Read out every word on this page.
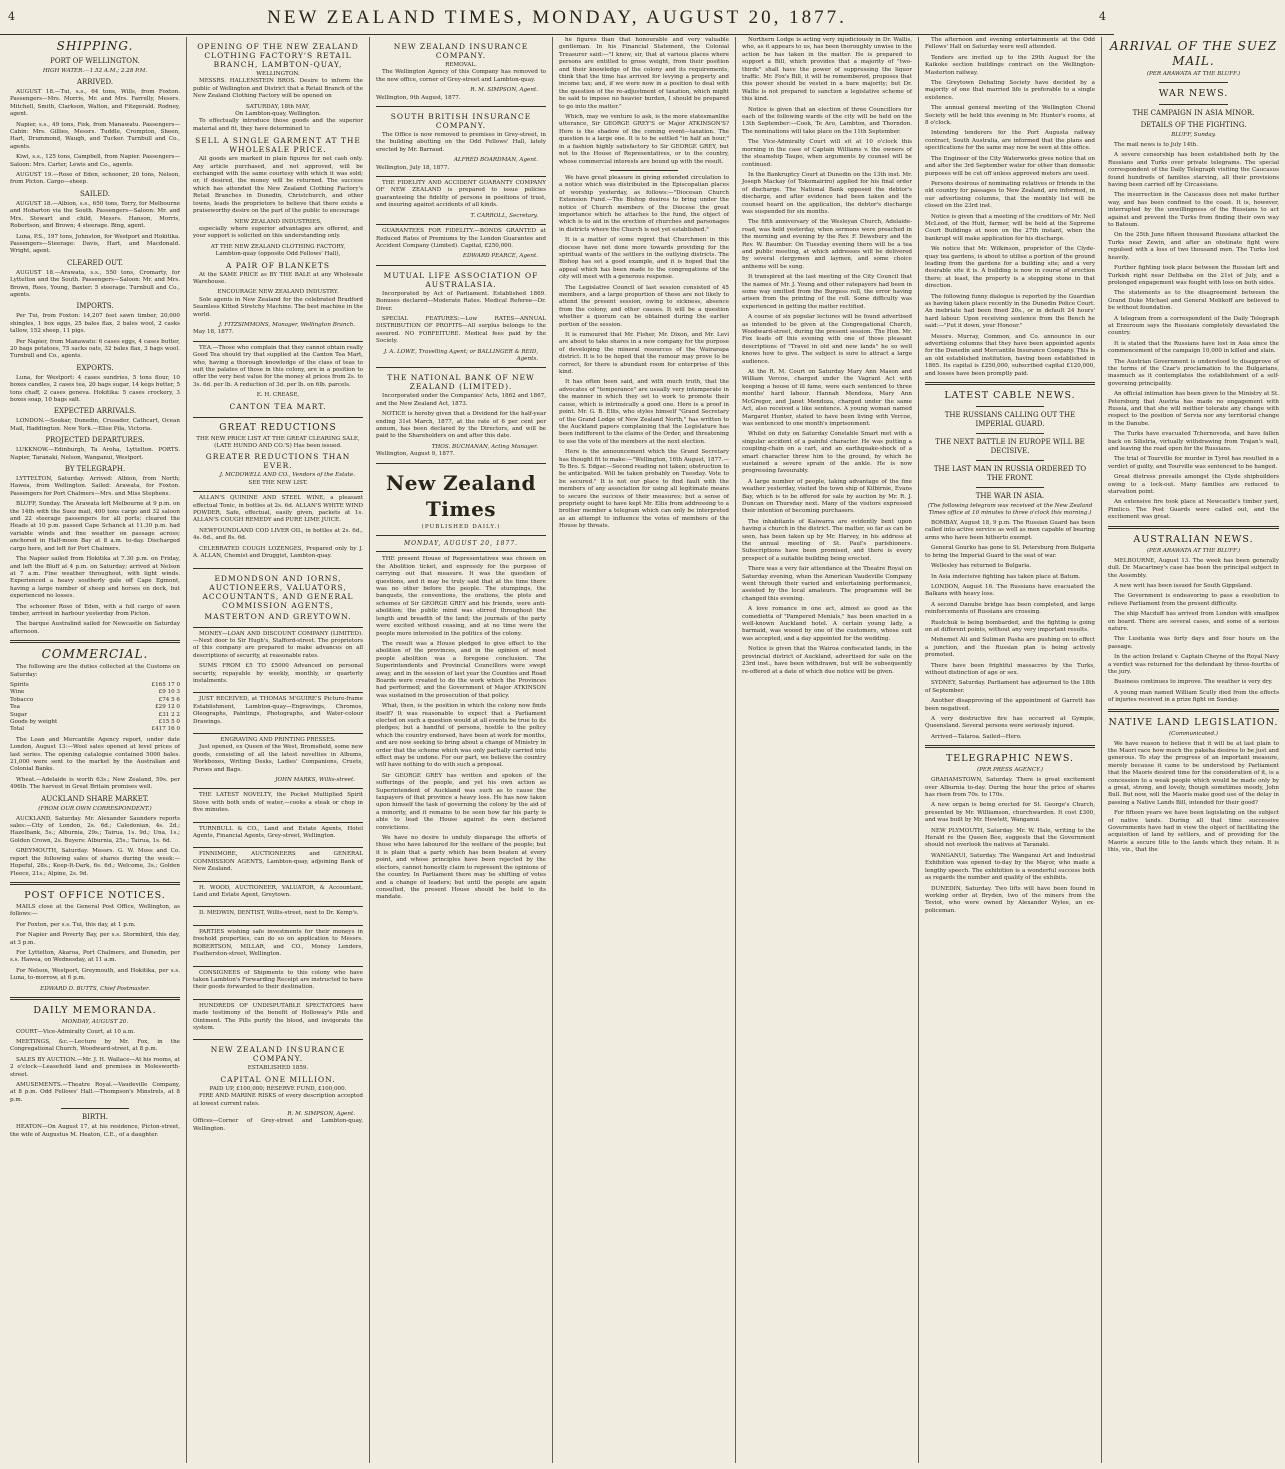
4	NEW ZEALAND TIMES, MONDAY, AUGUST 20, 1877.	4
SHIPPING.
PORT OF WELLINGTON.
HIGH WATER.—1.52 A.M.; 2.28 P.M.
ARRIVED.

AUGUST 18.—Tui, s.s., 64 tons, Wills, from Foxton. Passengers—Mrs. Morris, Mr. and Mrs. Farrelly, Messrs. Mitchell, Smith, Clarkson, Walton, and Fitzgerald. Rodney, agent.

Napier, s.s., 49 tons, Fisk, from Manawatu. Passengers—Cabin: Mrs. Gillies, Messrs. Tuddle, Crompton, Sheen, Hart, Drummond, Waugh, and Tucker. Turnbull and Co., agents.

Kiwi, s.s., 125 tons, Campbell, from Napier. Passengers—Saloon: Mrs. Carter, Lewis and Co., agents.

AUGUST 19.—Rose of Eden, schooner, 20 tons, Nelson, from Picton. Cargo—sheep.

SAILED.

AUGUST 18.—Albion, s.s., 650 tons, Torry, for Melbourne and Hobarton via the South. Passengers—Saloon: Mr. and Mrs. Stewart and child, Messrs. Hanson, Morris, Robertson, and Brown; 4 steerage. Bing, agent.

Luna, P.S., 197 tons, Johnston, for Westport and Hokitika. Passengers—Steerage: Davis, Hart, and Macdonald. Wright, agent.

CLEARED OUT.

AUGUST 18.—Arawata, s.s., 550 tons, Cromarty, for Lyttelton and the South. Passengers—Saloon: Mr. and Mrs. Brown, Rees, Young, Baxter; 5 steerage. Turnbull and Co., agents.

IMPORTS.

Per Tui, from Foxton: 14,207 feet sawn timber, 20,000 shingles, 1 box eggs, 25 bales flax, 2 bales wool, 2 casks tallow, 152 sheep, 11 pigs.

Per Napier, from Manawatu: 6 cases eggs, 4 cases butter, 20 bags potatoes, 75 sacks oats, 32 bales flax, 3 bags wool. Turnbull and Co., agents.

EXPORTS.

Luna, for Westport: 4 cases sundries, 5 tons flour, 10 boxes candles, 2 cases tea, 20 bags sugar, 14 kegs butter, 5 tons chaff, 2 cases geneva. Hokitika: 5 cases crockery, 3 boxes soap, 10 bags salt.

EXPECTED ARRIVALS.

LONDON.—Soukar, Dunedin, Crusader, Cathcart, Ocean Mail, Haddington. New York.—Elise Pila, Victoria.

PROJECTED DEPARTURES.

LUKKNOW.—Edinburgh, Ta Aroha, Lyttelton. PORTS. Napier, Taranaki, Nelson, Wanganui, Westport.

BY TELEGRAPH.

LYTTELTON, Saturday. Arrived: Albion, from North; Hawea, from Wellington. Sailed: Arawata, for Foxton. Passengers for Port Chalmers—Mrs. and Miss Stephens.

BLUFF, Sunday. The Arawata left Melbourne at 9 p.m. on the 14th with the Suez mail, 400 tons cargo and 32 saloon and 22 steerage passengers for all ports; cleared the Heads at 10 p.m. passed Cape Schanck at 11.30 p.m. had variable winds and fine weather on passage across; anchored in Half-moon Bay at 8 a.m. to-day. Discharged cargo here, and left for Port Chalmers.

The Napier sailed from Hokitika at 7.30 p.m. on Friday, and left the Bluff at 4 p.m. on Saturday; arrived at Nelson at 7 a.m. Fine weather throughout, with light winds. Experienced a heavy southerly gale off Cape Egmont, having a large number of sheep and horses on deck, but experienced no losses.

The schooner Rose of Eden, with a full cargo of sawn timber, arrived in harbour yesterday from Picton.

The barque Australind sailed for Newcastle on Saturday afternoon.

COMMERCIAL.

The following are the duties collected at the Customs on Saturday:

Spirits	£165 17 0
Wine	£9 10 3
Tobacco	£74 5 6
Tea	£29 12 0
Sugar	£31 2 2
Goods by weight	£15 5 0
Total	£417 16 0

The Loan and Mercantile Agency report, under date London, August 13:—Wool sales opened at level prices of last series. The opening catalogue contained 5000 bales. 21,000 were sent to the market by the Australian and Colonial Banks.

Wheat.—Adelaide is worth 63s.; New Zealand, 59s. per 496lb. The harvest in Great Britain promises well.

AUCKLAND SHARE MARKET.
(FROM OUR OWN CORRESPONDENT.)

AUCKLAND, Saturday. Mr. Alexander Saunders reports sales:—City of London, 2s. 6d.; Caledonian, 4s. 2d.; Hazelbank, 5s.; Alburnia, 29s.; Tairua, 1s. 9d.; Una, 1s.; Golden Crown, 2s. Buyers: Alburnia, 25s.; Tairua, 1s. 6d.

GREYMOUTH, Saturday. Messrs. G. W. Moss and Co. report the following sales of shares during the week:—Hopeful, 28s.; Keep-It-Dark, 6s. 6d.; Welcome, 3s.; Golden Fleece, 21s.; Alpine, 2s. 9d.

POST OFFICE NOTICES.

MAILS close at the General Post Office, Wellington, as follows:—

For Foxton, per s.s. Tui, this day, at 1 p.m.

For Napier and Poverty Bay, per s.s. Stormbird, this day, at 3 p.m.

For Lyttelton, Akaroa, Port Chalmers, and Dunedin, per s.s. Hawea, on Wednesday, at 11 a.m.

For Nelson, Westport, Greymouth, and Hokitika, per s.s. Luna, to-morrow, at 6 p.m.

EDWARD D. BUTTS, Chief Postmaster.
DAILY MEMORANDA.
MONDAY, AUGUST 20.

COURT—Vice-Admiralty Court, at 10 a.m.

MEETINGS, &c.—Lecture by Mr. Fox, in the Congregational Church, Woodward-street, at 8 p.m.

SALES BY AUCTION.—Mr. J. H. Wallace—At his rooms, at 2 o'clock—Leasehold land and premises in Molesworth-street.

AMUSEMENTS.—Theatre Royal.—Vaudeville Company, at 8 p.m. Odd Fellows' Hall.—Thompson's Minstrels, at 8 p.m.

BIRTH.

HEATON—On August 17, at his residence, Picton-street, the wife of Augustus M. Heaton, C.E., of a daughter.

OPENING OF THE NEW ZEALAND CLOTHING FACTORY'S RETAIL BRANCH, LAMBTON-QUAY,
WELLINGTON.

MESSRS. HALLENSTEIN BROS. Desire to inform the public of Wellington and District that a Retail Branch of the New Zealand Clothing Factory will be opened on

SATURDAY, 18th MAY,
On Lambton-quay, Wellington.

To effectually introduce those goods and the superior material and fit, they have determined to

SELL A SINGLE GARMENT AT THE WHOLESALE PRICE.

All goods are marked in plain figures for net cash only. Any article purchased, and not approved, will be exchanged with the same courtesy with which it was sold; or, if desired, the money will be returned. The success which has attended the New Zealand Clothing Factory's Retail Branches in Dunedin, Christchurch, and other towns, leads the proprietors to believe that there exists a praiseworthy desire on the part of the public to encourage

NEW ZEALAND INDUSTRIES,

especially where superior advantages are offered, and your support is solicited on this understanding only.

AT THE NEW ZEALAND CLOTHING FACTORY,
Lambton-quay (opposite Odd Fellows' Hall),
A PAIR OF BLANKETS

At the SAME PRICE as BY THE BALE at any Wholesale Warehouse.

ENCOURAGE NEW ZEALAND INDUSTRY.

Sole agents in New Zealand for the celebrated Bradford Seamless Kitted Stretchy Machine. The best machine in the world.

J. FITZSIMMONS, Manager, Wellington Branch.
May 18, 1877.

TEA.—Those who complain that they cannot obtain really Good Tea should try that supplied at the Canton Tea Mart, who, having a thorough knowledge of the class of teas to suit the palates of those in this colony, are in a position to offer the very best value for the money at prices from 2s. to 3s. 6d. per lb. A reduction of 3d. per lb. on 6lb. parcels.

E. H. CREASE,
CANTON TEA MART.
GREAT REDUCTIONS
THE NEW PRICE LIST AT THE GREAT CLEARING SALE, (LATE HUNDO AND CO.'S) Has been issued.
GREATER REDUCTIONS THAN EVER.
J. MCDOWELL AND CO., Vendors of the Estate.
SEE THE NEW LIST.

ALLAN'S QUININE AND STEEL WINE, a pleasant effectual Tonic, in bottles at 2s. 6d. ALLAN'S WHITE WIND POWDER, Safe, effectual, easily given, packets at 1s. ALLAN'S COUGH REMEDY and PURE LIME JUICE.

NEWFOUNDLAND COD LIVER OIL, in bottles at 2s. 6d., 4s. 6d., and 8s. 6d.

CELEBRATED COUGH LOZENGES, Prepared only by J. A. ALLAN, Chemist and Druggist, Lambton-quay.

EDMONDSON AND IORNS, AUCTIONEERS, VALUATORS, ACCOUNTANTS, AND GENERAL COMMISSION AGENTS,
MASTERTON AND GREYTOWN.

MONEY—LOAN AND DISCOUNT COMPANY (LIMITED).—Next door to Sir Hugh's, Stafford-street. The proprietors of this company are prepared to make advances on all descriptions of security, at reasonable rates.

SUMS FROM £5 TO £5000 Advanced on personal security, repayable by weekly, monthly, or quarterly instalments.

JUST RECEIVED, at THOMAS M'GUIRE'S Picture-frame Establishment, Lambton-quay—Engravings, Chromos, Oleographs, Paintings, Photographs, and Water-colour Drawings.

ENGRAVING AND PRINTING PRESSES.

Just opened, ex Queen of the West, Bromsfield, some new goods, consisting of all the latest novelties in Albums, Workboxes, Writing Desks, Ladies' Companions, Cruets, Purses and Bags.

JOHN MARKS, Willis-street.

THE LATEST NOVELTY, the Pocket Multiplied Spirit Stove with both ends of water,—cooks a steak or chop in five minutes.

TURNBULL & CO., Land and Estate Agents, Hotel Agents, Financial Agents, Grey-street, Wellington.

FINNIMORE, AUCTIONEERS and GENERAL COMMISSION AGENTS, Lambton-quay, adjoining Bank of New Zealand.

H. WOOD, AUCTIONEER, VALUATOR, & Accountant, Land and Estate Agent, Greytown.

D. MEDWIN, DENTIST, Willis-street, next to Dr. Kemp's.

PARTIES wishing safe investments for their moneys in freehold properties, can do so on application to Messrs. ROBERTSON, MILLAR, and CO., Money Lenders, Featherston-street, Wellington.

CONSIGNEES of Shipments to this colony who have taken Lambton's Forwarding Receipt are instructed to have their goods forwarded to their destination.

HUNDREDS OF UNDISPUTABLE SPECTATORS have made testimony of the benefit of Holloway's Pills and Ointment. The Pills purify the blood, and invigorate the system.

NEW ZEALAND INSURANCE COMPANY.
ESTABLISHED 1859.
CAPITAL ONE MILLION.
PAID UP, £100,000; RESERVE FUND, £100,000.

FIRE AND MARINE RISKS of every description accepted at lowest current rates.

R. M. SIMPSON, Agent.
Offices—Corner of Grey-street and Lambton-quay, Wellington.
NEW ZEALAND INSURANCE COMPANY.
REMOVAL.

The Wellington Agency of this Company has removed to the new office, corner of Grey-street and Lambton-quay.

R. M. SIMPSON, Agent.
Wellington, 9th August, 1877.
SOUTH BRITISH INSURANCE COMPANY.

The Office is now removed to premises in Grey-street, in the building abutting on the Odd Fellows' Hall, lately erected by Mr. Barraud.

ALFRED BOARDMAN, Agent.
Wellington, July 18, 1877.

THE FIDELITY AND ACCIDENT GUARANTY COMPANY OF NEW ZEALAND is prepared to issue policies guaranteeing the fidelity of persons in positions of trust, and insuring against accidents of all kinds.

T. CARROLL, Secretary.

GUARANTEES FOR FIDELITY.—BONDS GRANTED at Reduced Rates of Premiums by the London Guarantee and Accident Company (Limited). Capital, £250,000.

EDWARD PEARCE, Agent.
MUTUAL LIFE ASSOCIATION OF AUSTRALASIA.

Incorporated by Act of Parliament. Established 1869. Bonuses declared—Moderate Rates. Medical Referee—Dr. Diver.

SPECIAL FEATURES:—Low RATES—ANNUAL DISTRIBUTION OF PROFITS—All surplus belongs to the assured. NO FORFEITURE. Medical fees paid by the Society.

J. A. LOWE, Travelling Agent; or BALLINGER & REID, Agents.
THE NATIONAL BANK OF NEW ZEALAND (LIMITED).

Incorporated under the Companies' Acts, 1862 and 1867, and the New Zealand Act, 1873.

NOTICE is hereby given that a Dividend for the half-year ending 31st March, 1877, at the rate of 6 per cent per annum, has been declared by the Directors, and will be paid to the Shareholders on and after this date.

THOS. BUCHANAN, Acting Manager.
Wellington, August 9, 1877.
New Zealand Times
(PUBLISHED DAILY.)
MONDAY, AUGUST 20, 1877.

THE present House of Representatives was chosen on the Abolition ticket, and expressly for the purpose of carrying out that measure. It was the question of questions, and it may be truly said that at the time there was no other before the people. The stumpings, the banquets, the conventions, the orations, the plots and schemes of Sir GEORGE GREY and his friends, were anti-abolition; the public mind was stirred throughout the length and breadth of the land; the journals of the party were excited without ceasing, and at no time were the people more interested in the politics of the colony.

The result was a House pledged to give effect to the abolition of the provinces, and in the opinion of most people abolition was a foregone conclusion. The Superintendents and Provincial Councillors were swept away, and in the session of last year the Counties and Road Boards were created to do the work which the Provinces had performed; and the Government of Major ATKINSON was sustained in the prosecution of that policy.

What, then, is the position in which the colony now finds itself? It was reasonable to expect that a Parliament elected on such a question would at all events be true to its pledges; but a handful of persons, hostile to the policy which the country endorsed, have been at work for months, and are now seeking to bring about a change of Ministry in order that the scheme which was only partially carried into effect may be undone. For our part, we believe the country will have nothing to do with such a proposal.

Sir GEORGE GREY has written and spoken of the sufferings of the people, and yet his own action as Superintendent of Auckland was such as to cause the taxpayers of that province a heavy loss. He has now taken upon himself the task of governing the colony by the aid of a minority, and it remains to be seen how far his party is able to lead the House against its own declared convictions.

We have no desire to unduly disparage the efforts of those who have laboured for the welfare of the people; but it is plain that a party which has been beaten at every point, and whose principles have been rejected by the electors, cannot honestly claim to represent the opinions of the country. In Parliament there may be shifting of votes and a change of leaders; but until the people are again consulted, the present House should be held to its mandate.

he figures than that honourable and very valuable gentleman. In his Financial Statement, the Colonial Treasurer said:—"I know, sir, that at various places where persons are entitled to gross weight, from their position and their knowledge of the colony and its requirements, think that the time has arrived for levying a property and income tax; and, if we were now in a position to deal with the question of the re-adjustment of taxation, which might be said to impose no heavier burden, I should be prepared to go into the matter."

Which, may we venture to ask, is the more statesmanlike utterance, Sir GEORGE GREY'S or Major ATKINSON'S? Here is the shadow of the coming event—taxation. The question is a large one. It is to be settled "in half an hour," in a fashion highly satisfactory to Sir GEORGE GREY, but not to the House of Representatives, or to the country, whose commercial interests are bound up with the result.

We have great pleasure in giving extended circulation to a notice which was distributed in the Episcopalian places of worship yesterday, as follows:—"Diocesan Church Extension Fund.—The Bishop desires to bring under the notice of Church members of the Diocese the great importance which he attaches to the fund, the object of which is to aid in the erection of churches and parsonages in districts where the Church is not yet established."

It is a matter of some regret that Churchmen in this diocese have not done more towards providing for the spiritual wants of the settlers in the outlying districts. The Bishop has set a good example, and it is hoped that the appeal which has been made to the congregations of the city will meet with a generous response.

The Legislative Council of last session consisted of 45 members, and a large proportion of these are not likely to attend the present session, owing to sickness, absence from the colony, and other causes. It will be a question whether a quorum can be obtained during the earlier portion of the session.

It is rumoured that Mr. Fisher, Mr. Dixon, and Mr. Levi are about to take shares in a new company for the purpose of developing the mineral resources of the Wairarapa district. It is to be hoped that the rumour may prove to be correct, for there is abundant room for enterprise of this kind.

It has often been said, and with much truth, that the advocates of "temperance" are usually very intemperate in the manner in which they set to work to promote their cause, which is intrinsically a good one. Here is a proof in point. Mr. G. B. Ellis, who styles himself "Grand Secretary of the Grand Lodge of New Zealand North," has written to the Auckland papers complaining that the Legislature has been indifferent to the claims of the Order, and threatening to use the vote of the members at the next election.

Here is the announcement which the Grand Secretary has thought fit to make:—"Wellington, 16th August, 1877.—To Bro. S. Edgar.—Second reading not taken; obstruction to be anticipated. Will be taken probably on Tuesday. Vote to be secured." It is not our place to find fault with the members of any association for using all legitimate means to secure the success of their measures; but a sense of propriety ought to have kept Mr. Ellis from addressing to a brother member a telegram which can only be interpreted as an attempt to influence the votes of members of the House by threats.

Northern Lodge is acting very injudiciously in Dr. Wallis, who, as it appears to us, has been thoroughly unwise in the action he has taken in the matter. He is prepared to support a Bill, which provides that a majority of "two-thirds" shall have the power of suppressing the liquor traffic. Mr. Fox's Bill, it will be remembered, proposes that this power should be vested in a bare majority; but Dr. Wallis is not prepared to sanction a legislative scheme of this kind.

Notice is given that an election of three Councillors for each of the following wards of the city will be held on the 13th September:—Cook, Te Aro, Lambton, and Thorndon. The nominations will take place on the 11th September.

The Vice-Admiralty Court will sit at 10 o'clock this morning in the case of Captain Williams v. the owners of the steamship Taupo, when arguments by counsel will be continued.

In the Bankruptcy Court at Dunedin on the 13th inst. Mr. Joseph Mackay (of Tokomairiro) applied for his final order of discharge. The National Bank opposed the debtor's discharge, and after evidence had been taken and the counsel heard on the application, the debtor's discharge was suspended for six months.

The fifth anniversary of the Wesleyan Church, Adelaide-road, was held yesterday, when sermons were preached in the morning and evening by the Rev. F. Dewsbury and the Rev. W. Baumber. On Tuesday evening there will be a tea and public meeting, at which addresses will be delivered by several clergymen and laymen, and some choice anthems will be sung.

It transpired at the last meeting of the City Council that the names of Mr. J. Young and other ratepayers had been in some way omitted from the Burgess roll, the error having arisen from the printing of the roll. Some difficulty was experienced in getting the matter rectified.

A course of six popular lectures will be found advertised as intended to be given at the Congregational Church, Woodward-street, during the present session. The Hon. Mr. Fox leads off this evening with one of those pleasant descriptions of "Travel in old and new lands" he so well knows how to give. The subject is sure to attract a large audience.

At the R. M. Court on Saturday Mary Ann Mason and William Vercoe, charged under the Vagrant Act with keeping a house of ill fame, were each sentenced to three months' hard labour. Hannah Mendoza, Mary Ann McGregor, and Janet Mendoza, charged under the same Act, also received a like sentence. A young woman named Margaret Hunter, stated to have been living with Vercoe, was sentenced to one month's imprisonment.

Whilst on duty on Saturday Constable Smart met with a singular accident of a painful character. He was putting a coupling-chain on a cart, and an earthquake-shock of a smart character threw him to the ground, by which he sustained a severe sprain of the ankle. He is now progressing favourably.

A large number of people, taking advantage of the fine weather yesterday, visited the town ship of Kilbirnie, Evans Bay, which is to be offered for sale by auction by Mr. R. J. Duncan on Thursday next. Many of the visitors expressed their intention of becoming purchasers.

The inhabitants of Kaiwarra are evidently bent upon having a church in the district. The matter, so far as can be seen, has been taken up by Mr. Harvey, in his address at the annual meeting of St. Paul's parishioners. Subscriptions have been promised, and there is every prospect of a suitable building being erected.

There was a very fair attendance at the Theatre Royal on Saturday evening, when the American Vaudeville Company went through their varied and entertaining performance, assisted by the local amateurs. The programme will be changed this evening.

A love romance in one act, almost as good as the comedietta of "Pampered Menials," has been enacted in a well-known Auckland hotel. A certain young lady, a barmaid, was wooed by one of the customers, whose suit was accepted, and a day appointed for the wedding.

Notice is given that the Wairoa confiscated lands, in the provincial district of Auckland, advertised for sale on the 23rd inst., have been withdrawn, but will be subsequently re-offered at a date of which due notice will be given.

The afternoon and evening entertainments at the Odd Fellows' Hall on Saturday were well attended.

Tenders are invited up to the 29th August for the Kaikoke section buildings contract on the Wellington-Masterton railway.

The Greytown Debating Society have decided by a majority of one that married life is preferable to a single existence.

The annual general meeting of the Wellington Choral Society will be held this evening in Mr. Hunter's rooms, at 8 o'clock.

Intending tenderers for the Port Augusta railway contract, South Australia, are informed that the plans and specifications for the same may now be seen at this office.

The Engineer of the City Waterworks gives notice that on and after the 3rd September water for other than domestic purposes will be cut off unless approved meters are used.

Persons desirous of nominating relatives or friends in the old country for passages to New Zealand, are informed, in our advertising columns, that the monthly list will be closed on the 23rd inst.

Notice is given that a meeting of the creditors of Mr. Neil McLeod, of the Hutt, farmer, will be held at the Supreme Court Buildings at noon on the 27th instant, when the bankrupt will make application for his discharge.

We notice that Mr. Wilkinson, proprietor of the Clyde-quay tea gardens, is about to utilise a portion of the ground leading from the gardens for a building site; and a very desirable site it is. A building is now in course of erection there; at least, the property is a stepping stone in that direction.

The following funny dialogue is reported by the Guardian as having taken place recently in the Dunedin Police Court. An inebriate had been fined 20s., or in default 24 hours' hard labour. Upon receiving sentence from the Bench he said:—"Put it down, your Honour."

Messrs. Murray, Common, and Co. announce in our advertising columns that they have been appointed agents for the Dunedin and Mercantile Insurance Company. This is an old established institution, having been established in 1865. Its capital is £250,000, subscribed capital £120,000, and losses have been promptly paid.

LATEST CABLE NEWS.
THE RUSSIANS CALLING OUT THE IMPERIAL GUARD.
THE NEXT BATTLE IN EUROPE WILL BE DECISIVE.
THE LAST MAN IN RUSSIA ORDERED TO THE FRONT.
THE WAR IN ASIA.
(The following telegram was received at the New Zealand Times office at 10 minutes to three o'clock this morning.)

BOMBAY, August 18, 9 p.m. The Russian Guard has been called into active service as well as men capable of bearing arms who have been hitherto exempt.

General Gourko has gone to St. Petersburg from Bulgaria to bring the Imperial Guard to the seat of war.

Wellesley has returned to Bulgaria.

In Asia indecisive fighting has taken place at Batum.

LONDON, August 16. The Russians have evacuated the Balkans with heavy loss.

A second Danube bridge has been completed, and large reinforcements of Russians are crossing.

Rustchuk is being bombarded, and the fighting is going on at different points, without any very important results.

Mehemet Ali and Suliman Pasha are pushing on to effect a junction, and the Russian plan is being actively promoted.

There have been frightful massacres by the Turks, without distinction of age or sex.

SYDNEY, Saturday. Parliament has adjourned to the 18th of September.

Another disapproving of the appointment of Garrett has been negatived.

A very destructive fire has occurred at Gympie, Queensland. Several persons were seriously injured.

Arrived—Talaroa. Sailed—Hero.

TELEGRAPHIC NEWS.
(PER PRESS AGENCY.)

GRAHAMSTOWN, Saturday. There is great excitement over Alburnia to-day. During the hour the price of shares has risen from 70s. to 170s.

A new organ is being erected for St. George's Church, presented by Mr. Williamson, churchwarden. It cost £300, and was built by Mr. Hewlett, Wanganui.

NEW PLYMOUTH, Saturday. Mr. W. Hale, writing to the Herald re the Queen Bee, suggests that the Government should not overlook the natives at Taranaki.

WANGANUI, Saturday. The Wanganui Art and Industrial Exhibition was opened to-day by the Mayor, who made a lengthy speech. The exhibition is a wonderful success both as regards the number and quality of the exhibits.

DUNEDIN, Saturday. Two lifts will have been found in working order at Bryden, two of the miners from the Teviot, who were owned by Alexander Wylee, an ex-policeman.

ARRIVAL OF THE SUEZ MAIL.
(PER ARAWATA AT THE BLUFF.)
WAR NEWS.
THE CAMPAIGN IN ASIA MINOR.
DETAILS OF THE FIGHTING.
BLUFF, Sunday.

The mail news is to July 14th.

A severe censorship has been established both by the Russians and Turks over private telegrams. The special correspondent of the Daily Telegraph visiting the Caucasus found hundreds of families starving, all their provisions having been carried off by Circassians.

The insurrection in the Caucasus does not make further way, and has been confined to the coast. It is, however, interrupted by the unwillingness of the Russians to act against and prevent the Turks from finding their own way to Batoum.

On the 25th June fifteen thousand Russians attacked the Turks near Zewin, and after an obstinate fight were repulsed with a loss of two thousand men. The Turks lost heavily.

Further fighting took place between the Russian left and Turkish right near Delibaba on the 21st of July, and a prolonged engagement was fought with loss on both sides.

The statements as to the disagreement between the Grand Duke Michael and General Melikoff are believed to be without foundation.

A telegram from a correspondent of the Daily Telegraph at Erzeroum says the Russians completely devastated the country.

It is stated that the Russians have lost in Asia since the commencement of the campaign 10,000 in killed and slain.

The Austrian Government is understood to disapprove of the terms of the Czar's proclamation to the Bulgarians, inasmuch as it contemplates the establishment of a self-governing principality.

An official intimation has been given to the Ministry at St. Petersburg that Austria has made no engagement with Russia, and that she will neither tolerate any change with respect to the position of Servia nor any territorial change in the Danube.

The Turks have evacuated Tchernovoda, and have fallen back on Silistria, virtually withdrawing from Trajan's wall, and leaving the road open for the Russians.

The trial of Tourville for murder in Tyrol has resulted in a verdict of guilty, and Tourville was sentenced to be hanged.

Great distress prevails amongst the Clyde shipbuilders owing to a lock-out. Many families are reduced to starvation point.

An extensive fire took place at Newcastle's timber yard, Pimlico. The Post Guards were called out, and the excitement was great.

AUSTRALIAN NEWS.
(PER ARAWATA AT THE BLUFF.)

MELBOURNE, August 13. The week has been generally dull. Dr. Macartney's case has been the principal subject in the Assembly.

A new writ has been issued for South Gippsland.

The Government is endeavoring to pass a resolution to relieve Parliament from the present difficulty.

The ship Macduff has arrived from London with smallpox on board. There are several cases, and some of a serious nature.

The Lusitania was forty days and four hours on the passage.

In the action Ireland v. Captain Cheyne of the Royal Navy a verdict was returned for the defendant by three-fourths of the jury.

Business continues to improve. The weather is very dry.

A young man named William Scully died from the effects of injuries received in a prize fight on Sunday.

NATIVE LAND LEGISLATION.
(Communicated.)

We have reason to believe that it will be at last plain to the Maori race how much the pakeha desires to be just and generous. To stay the progress of an important measure, merely because it came to be understood by Parliament that the Maoris desired time for the consideration of it, is a concession to a weak people which would be made only by a great, strong, and lovely, though sometimes moody, John Bull. But now, will the Maoris make good use of the delay in passing a Native Lands Bill, intended for their good?

For fifteen years we have been legislating on the subject of native lands. During all that time successive Governments have had in view the object of facilitating the acquisition of land by settlers, and of providing for the Maoris a secure title to the lands which they retain. It is this, viz., that the
